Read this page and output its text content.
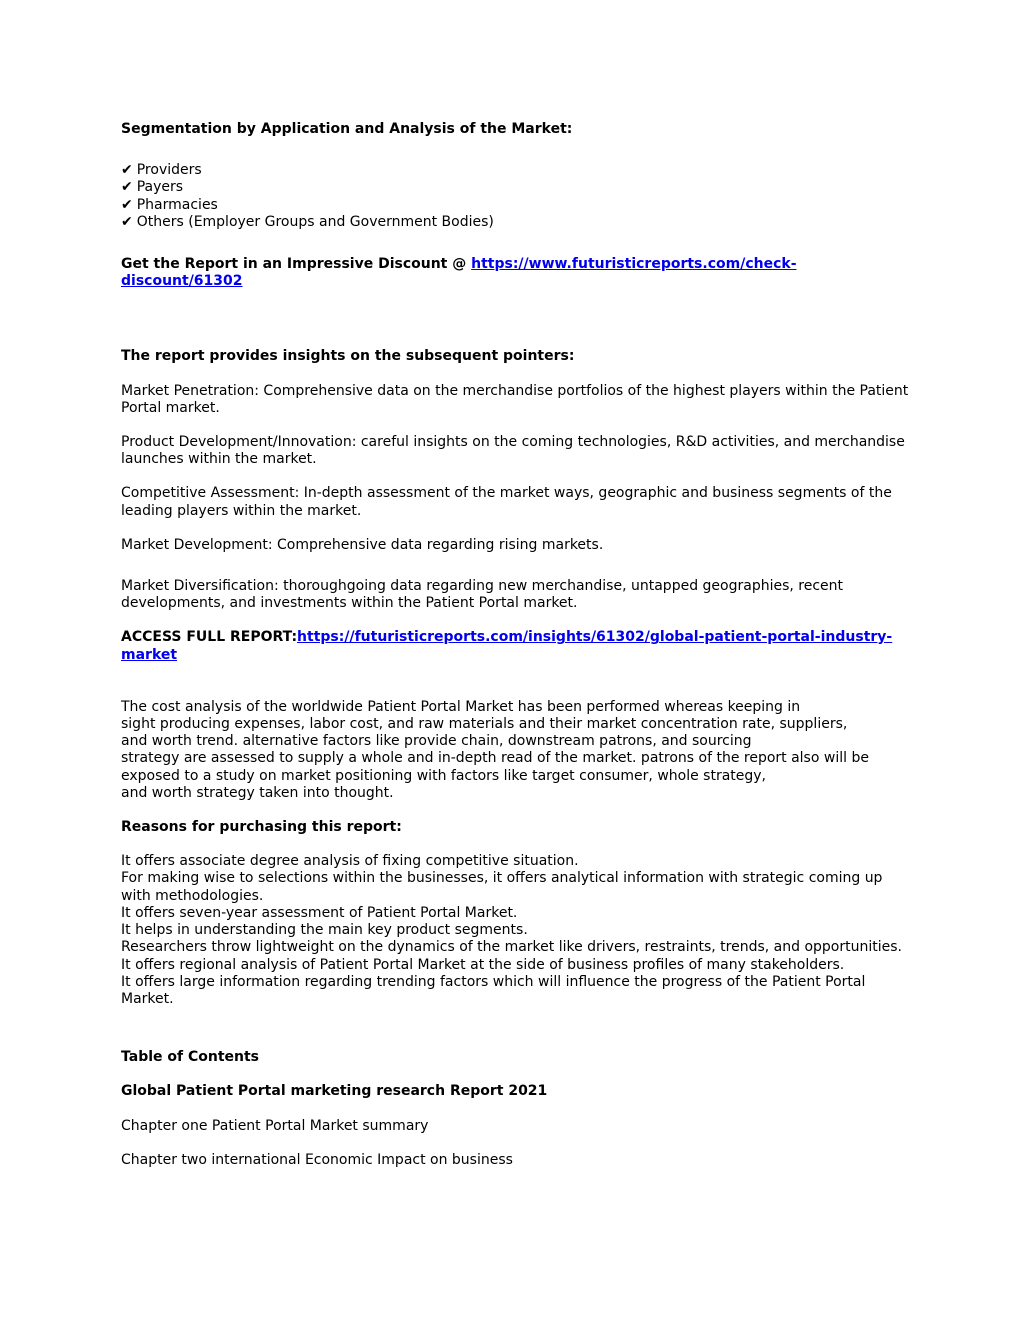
Segmentation by Application and Analysis of the Market:

✔ Providers
✔ Payers
✔ Pharmacies
✔ Others (Employer Groups and Government Bodies)

Get the Report in an Impressive Discount @ https://www.futuristicreports.com/check-discount/61302

The report provides insights on the subsequent pointers:

Market Penetration: Comprehensive data on the merchandise portfolios of the highest players within the Patient Portal market.

Product Development/Innovation: careful insights on the coming technologies, R&D activities, and merchandise launches within the market.

Competitive Assessment: In-depth assessment of the market ways, geographic and business segments of the leading players within the market.

Market Development: Comprehensive data regarding rising markets.

Market Diversification: thoroughgoing data regarding new merchandise, untapped geographies, recent developments, and investments within the Patient Portal market.

ACCESS FULL REPORT:https://futuristicreports.com/insights/61302/global-patient-portal-industry-market

The cost analysis of the worldwide Patient Portal Market has been performed whereas keeping in
sight producing expenses, labor cost, and raw materials and their market concentration rate, suppliers,
and worth trend. alternative factors like provide chain, downstream patrons, and sourcing
strategy are assessed to supply a whole and in-depth read of the market. patrons of the report also will be
exposed to a study on market positioning with factors like target consumer, whole strategy,
and worth strategy taken into thought.

Reasons for purchasing this report:

It offers associate degree analysis of fixing competitive situation.
For making wise to selections within the businesses, it offers analytical information with strategic coming up with methodologies.
It offers seven-year assessment of Patient Portal Market.
It helps in understanding the main key product segments.
Researchers throw lightweight on the dynamics of the market like drivers, restraints, trends, and opportunities.
It offers regional analysis of Patient Portal Market at the side of business profiles of many stakeholders.
It offers large information regarding trending factors which will influence the progress of the Patient Portal Market.

Table of Contents

Global Patient Portal marketing research Report 2021

Chapter one Patient Portal Market summary

Chapter two international Economic Impact on business
